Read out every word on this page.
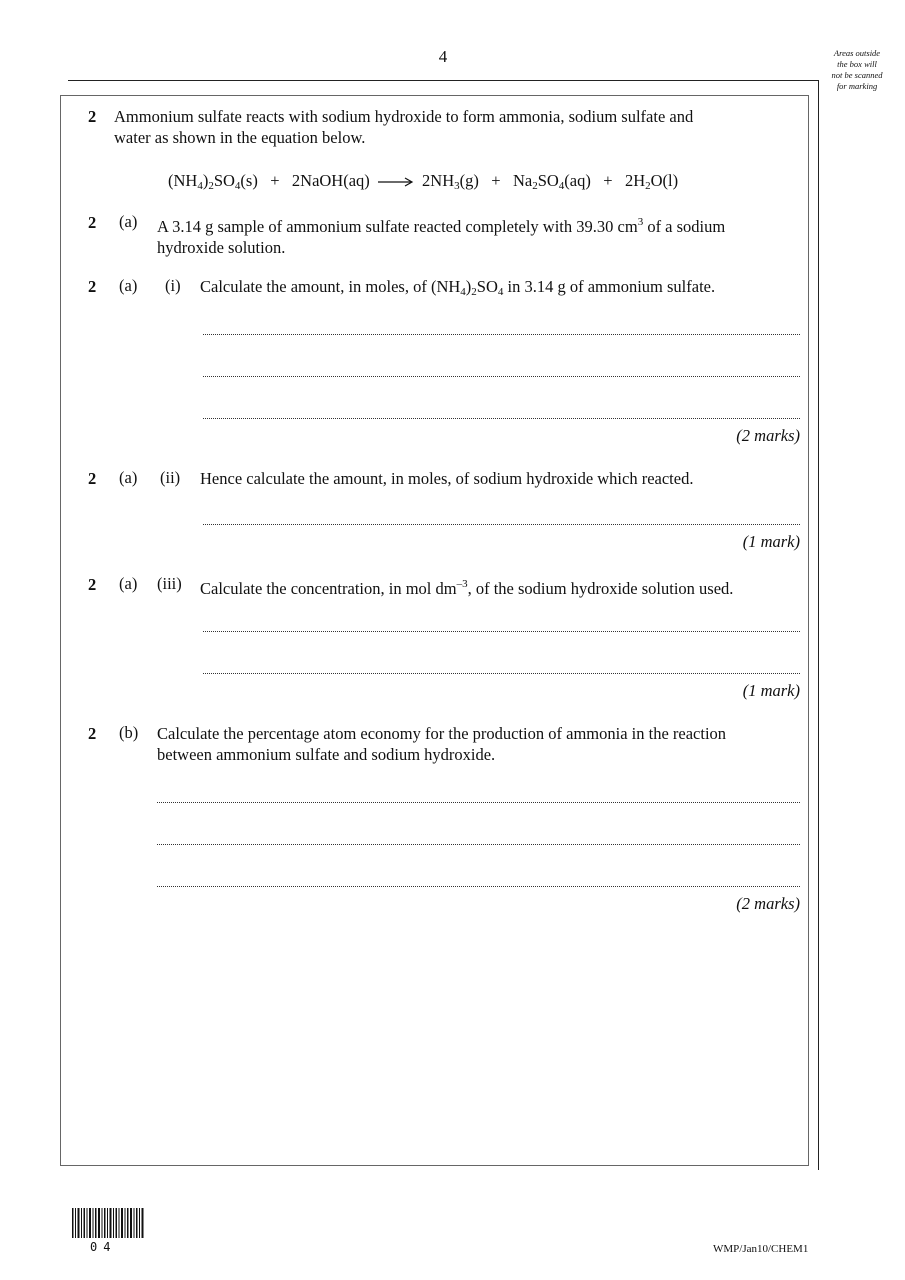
4	Areas outside
the box will
not be scanned
for marking
2 Ammonium sulfate reacts with sodium hydroxide to form ammonia, sodium sulfate and
water as shown in the equation below.
$(NH_4)_2SO_4(s)$ + 2NaOH(aq) → $2NH_3(g) + Na_2SO_4(aq) + 2H_2O(l)$
2 (a) A 3.14 g sample of ammonium sulfate reacted completely with 39.30 $cm^3$ of a sodium
hydroxide solution.
2 (a) (i) Calculate the amount, in moles, of $(NH_4)_2SO_4$ in 3.14 g of ammonium sulfate.
(2 marks)
2 (a) (ii) Hence calculate the amount, in moles, of sodium hydroxide which reacted.
(1 mark)
2 (a) (iii) Calculate the concentration, in mol $dm^{-3}$, of the sodium hydroxide solution used.
(1 mark)
2 (b) Calculate the percentage atom economy for the production of ammonia in the reaction
between ammonium sulfate and sodium hydroxide.
(2 marks)
04	WMP/Jan10/CHEM1
